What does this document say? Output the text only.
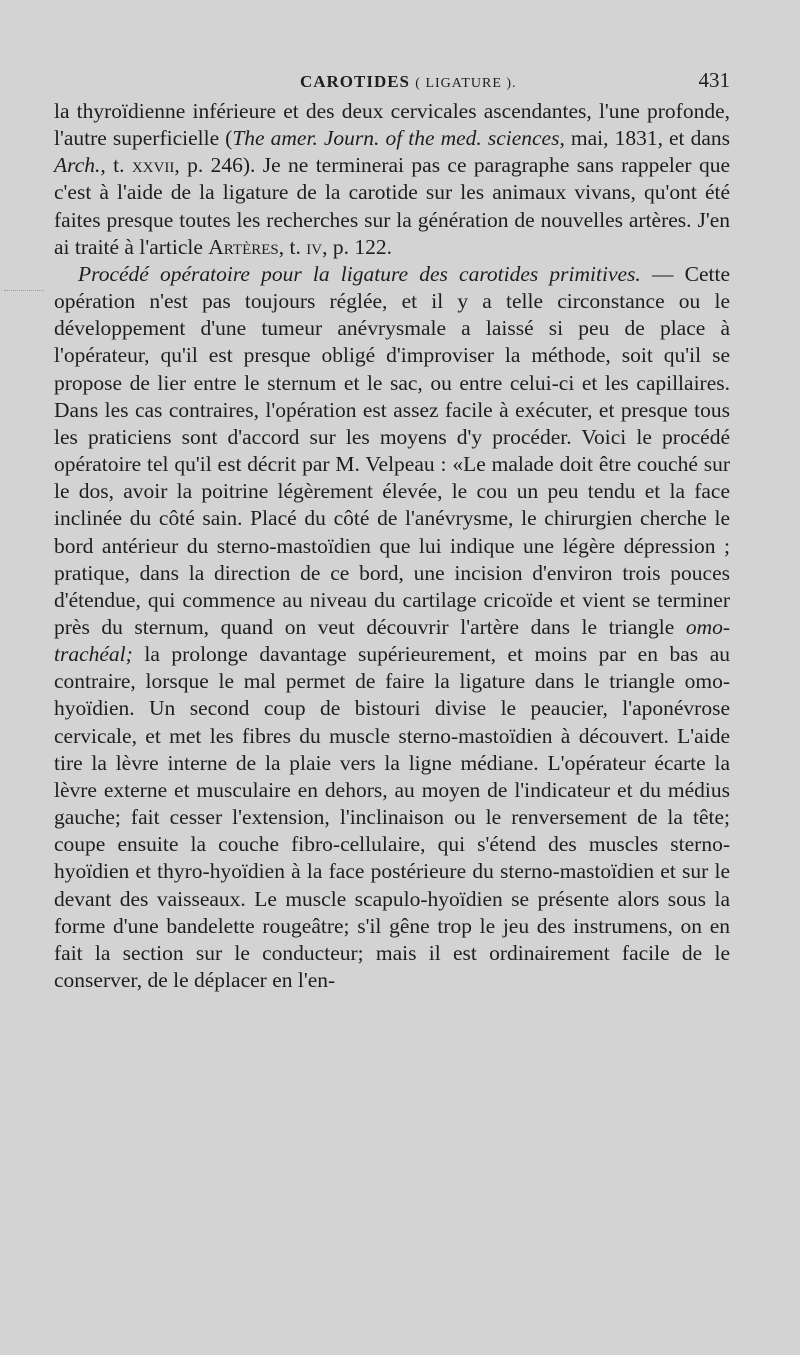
CAROTIDES ( LIGATURE ).	431

la thyroïdienne inférieure et des deux cervicales ascendantes, l'une profonde, l'autre superficielle (The amer. Journ. of the med. sciences, mai, 1831, et dans Arch., t. xxvii, p. 246). Je ne terminerai pas ce paragraphe sans rappeler que c'est à l'aide de la ligature de la carotide sur les animaux vivans, qu'ont été faites presque toutes les recherches sur la génération de nouvelles artères. J'en ai traité à l'article Artères, t. iv, p. 122.

Procédé opératoire pour la ligature des carotides primitives. — Cette opération n'est pas toujours réglée, et il y a telle circonstance ou le développement d'une tumeur anévrysmale a laissé si peu de place à l'opérateur, qu'il est presque obligé d'improviser la méthode, soit qu'il se propose de lier entre le sternum et le sac, ou entre celui-ci et les capillaires. Dans les cas contraires, l'opération est assez facile à exécuter, et presque tous les praticiens sont d'accord sur les moyens d'y procéder. Voici le procédé opératoire tel qu'il est décrit par M. Velpeau : «Le malade doit être couché sur le dos, avoir la poitrine légèrement élevée, le cou un peu tendu et la face inclinée du côté sain. Placé du côté de l'anévrysme, le chirurgien cherche le bord antérieur du sterno-mastoïdien que lui indique une légère dépression ; pratique, dans la direction de ce bord, une incision d'environ trois pouces d'étendue, qui commence au niveau du cartilage cricoïde et vient se terminer près du sternum, quand on veut découvrir l'artère dans le triangle omo-trachéal; la prolonge davantage supérieurement, et moins par en bas au contraire, lorsque le mal permet de faire la ligature dans le triangle omo-hyoïdien. Un second coup de bistouri divise le peaucier, l'aponévrose cervicale, et met les fibres du muscle sterno-mastoïdien à découvert. L'aide tire la lèvre interne de la plaie vers la ligne médiane. L'opérateur écarte la lèvre externe et musculaire en dehors, au moyen de l'indicateur et du médius gauche; fait cesser l'extension, l'inclinaison ou le renversement de la tête; coupe ensuite la couche fibro-cellulaire, qui s'étend des muscles sterno-hyoïdien et thyro-hyoïdien à la face postérieure du sterno-mastoïdien et sur le devant des vaisseaux. Le muscle scapulo-hyoïdien se présente alors sous la forme d'une bandelette rougeâtre; s'il gêne trop le jeu des instrumens, on en fait la section sur le conducteur; mais il est ordinairement facile de le conserver, de le déplacer en l'en-
